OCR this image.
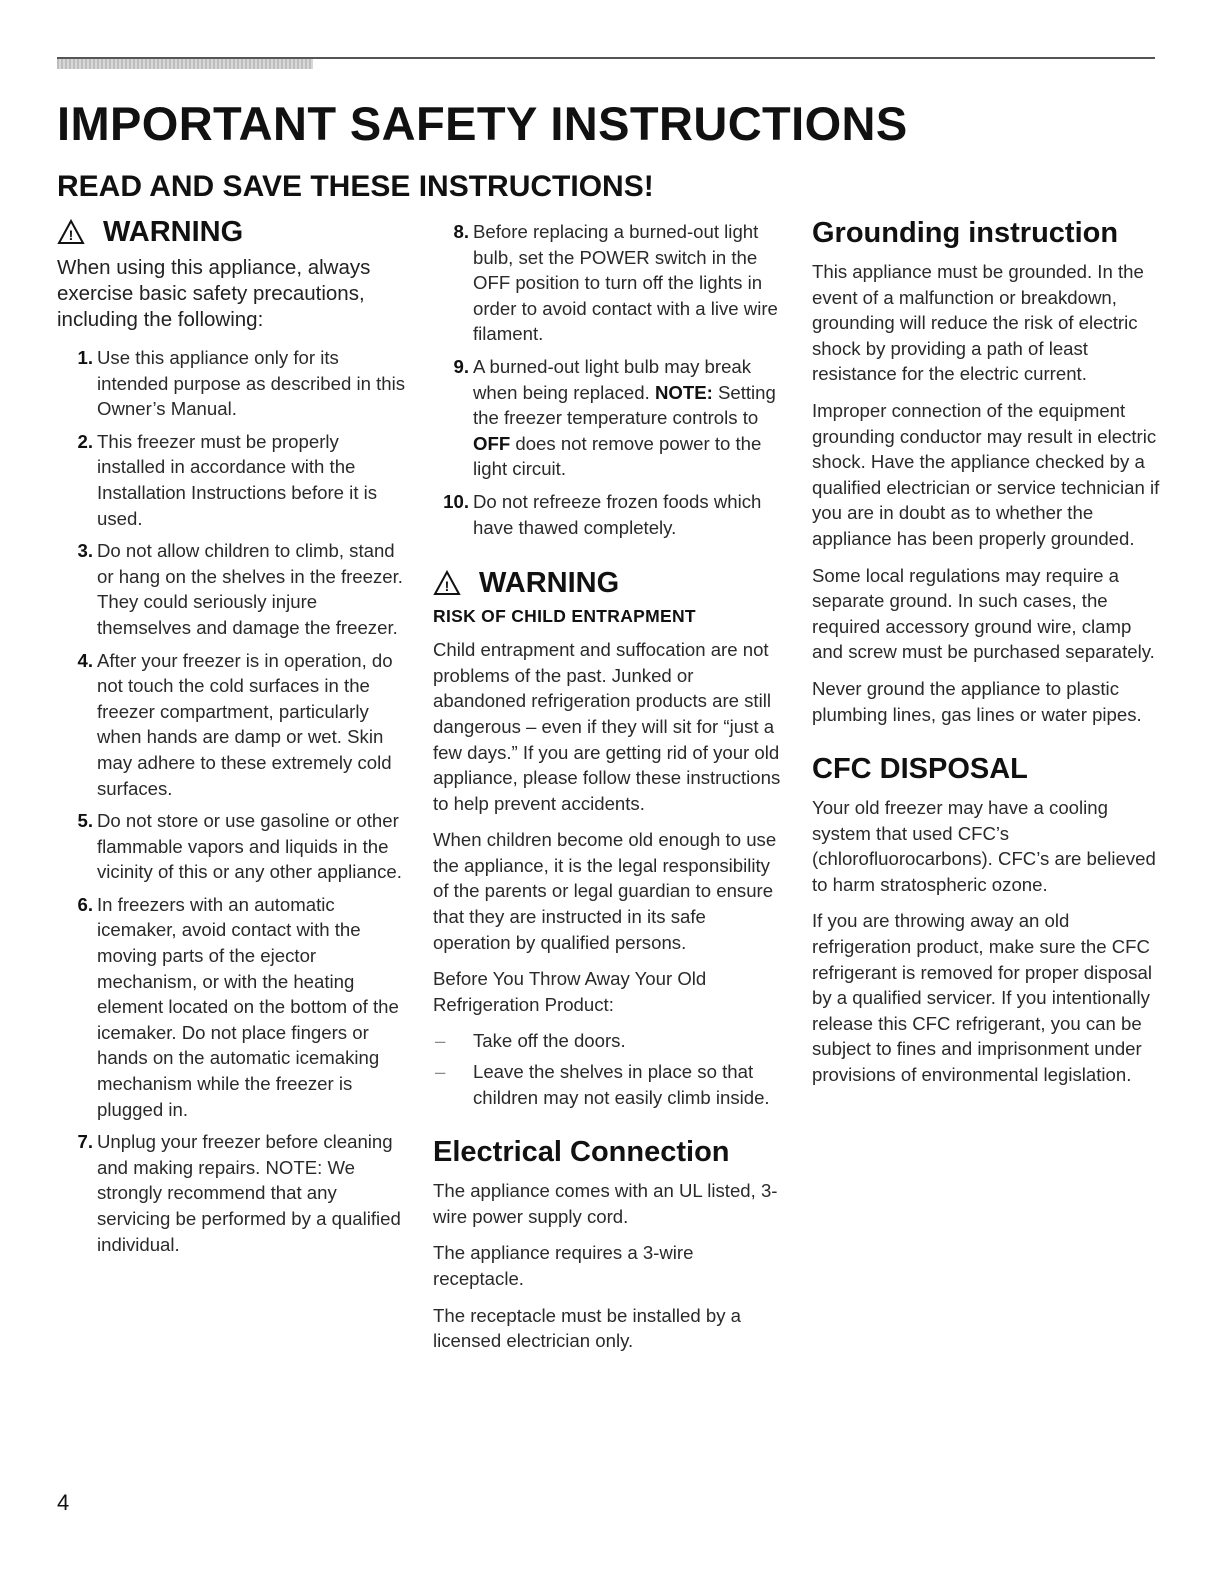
IMPORTANT SAFETY INSTRUCTIONS
READ AND SAVE THESE INSTRUCTIONS!
! WARNING

When using this appliance, always exercise basic safety precautions, including the following:

1. Use this appliance only for its intended purpose as described in this Owner’s Manual.
2. This freezer must be properly installed in accordance with the Installation Instructions before it is used.
3. Do not allow children to climb, stand or hang on the shelves in the freezer. They could seriously injure themselves and damage the freezer.
4. After your freezer is in operation, do not touch the cold surfaces in the freezer compartment, particularly when hands are damp or wet. Skin may adhere to these extremely cold surfaces.
5. Do not store or use gasoline or other flammable vapors and liquids in the vicinity of this or any other appliance.
6. In freezers with an automatic icemaker, avoid contact with the moving parts of the ejector mechanism, or with the heating element located on the bottom of the icemaker. Do not place fingers or hands on the automatic icemaking mechanism while the freezer is plugged in.
7. Unplug your freezer before cleaning and making repairs. NOTE: We strongly recommend that any servicing be performed by a qualified individual.
8. Before replacing a burned-out light bulb, set the POWER switch in the OFF position to turn off the lights in order to avoid contact with a live wire filament.
9. A burned-out light bulb may break when being replaced. NOTE: Setting the freezer temperature controls to OFF does not remove power to the light circuit.
10. Do not refreeze frozen foods which have thawed completely.
! WARNING
RISK OF CHILD ENTRAPMENT

Child entrapment and suffocation are not problems of the past. Junked or abandoned refrigeration products are still dangerous – even if they will sit for “just a few days.” If you are getting rid of your old appliance, please follow these instructions to help prevent accidents.

When children become old enough to use the appliance, it is the legal responsibility of the parents or legal guardian to ensure that they are instructed in its safe operation by qualified persons.

Before You Throw Away Your Old Refrigeration Product:

– Take off the doors.
– Leave the shelves in place so that children may not easily climb inside.
Electrical Connection

The appliance comes with an UL listed, 3-wire power supply cord.

The appliance requires a 3-wire receptacle.

The receptacle must be installed by a licensed electrician only.

Grounding instruction

This appliance must be grounded. In the event of a malfunction or breakdown, grounding will reduce the risk of electric shock by providing a path of least resistance for the electric current.

Improper connection of the equipment grounding conductor may result in electric shock. Have the appliance checked by a qualified electrician or service technician if you are in doubt as to whether the appliance has been properly grounded.

Some local regulations may require a separate ground. In such cases, the required accessory ground wire, clamp and screw must be purchased separately.

Never ground the appliance to plastic plumbing lines, gas lines or water pipes.

CFC DISPOSAL

Your old freezer may have a cooling system that used CFC’s (chlorofluorocarbons). CFC’s are believed to harm stratospheric ozone.

If you are throwing away an old refrigeration product, make sure the CFC refrigerant is removed for proper disposal by a qualified servicer. If you intentionally release this CFC refrigerant, you can be subject to fines and imprisonment under provisions of environmental legislation.

4
